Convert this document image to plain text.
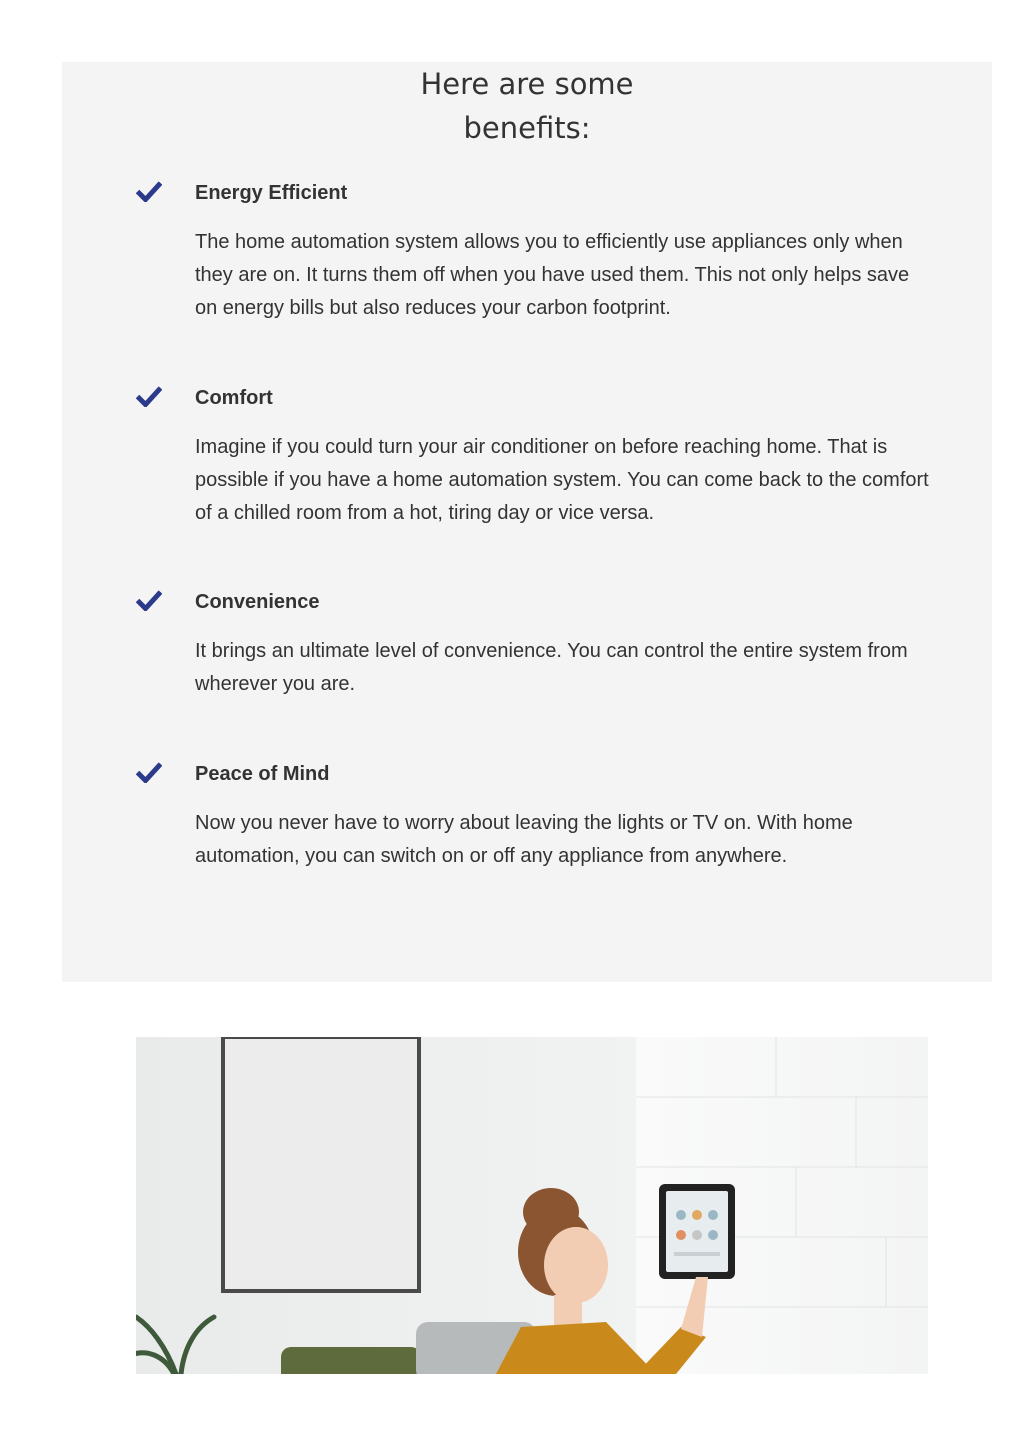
Here are some
benefits:
Energy Efficient

The home automation system allows you to efficiently use appliances only when they are on. It turns them off when you have used them. This not only helps save on energy bills but also reduces your carbon footprint.

Comfort

Imagine if you could turn your air conditioner on before reaching home. That is possible if you have a home automation system. You can come back to the comfort of a chilled room from a hot, tiring day or vice versa.

Convenience

It brings an ultimate level of convenience. You can control the entire system from wherever you are.

Peace of Mind

Now you never have to worry about leaving the lights or TV on. With home automation, you can switch on or off any appliance from anywhere.
